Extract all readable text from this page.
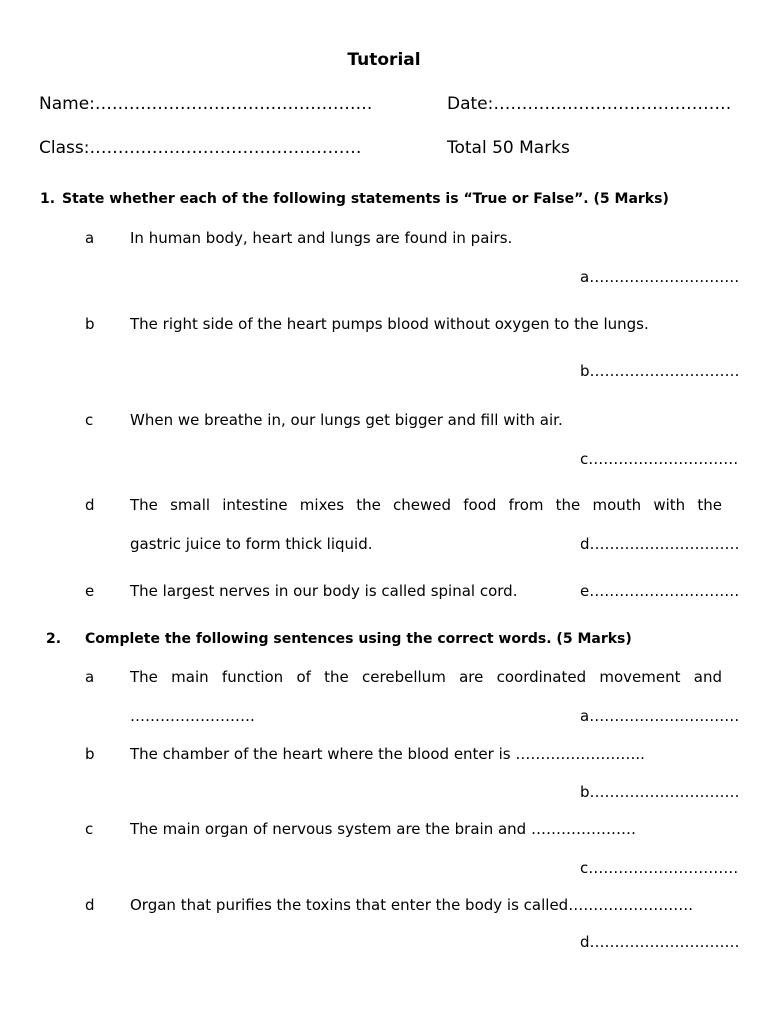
Tutorial
Name:………………………………………….	Date:……………………………………
Class:…………………………………………	Total 50 Marks
1. State whether each of the following statements is “True or False”. (5 Marks)
a In human body, heart and lungs are found in pairs.
a…………………………
b The right side of the heart pumps blood without oxygen to the lungs.
b…………………………
c When we breathe in, our lungs get bigger and fill with air.
c…………………………
d The small intestine mixes the chewed food from the mouth with the
gastric juice to form thick liquid.	d…………………………
e The largest nerves in our body is called spinal cord.	e…………………………
2. Complete the following sentences using the correct words. (5 Marks)
a The main function of the cerebellum are coordinated movement and
…………………….	a…………………………
b The chamber of the heart where the blood enter is ……………………..
b…………………………
c The main organ of nervous system are the brain and …………………
c…………………………
d Organ that purifies the toxins that enter the body is called…………………….
d…………………………
